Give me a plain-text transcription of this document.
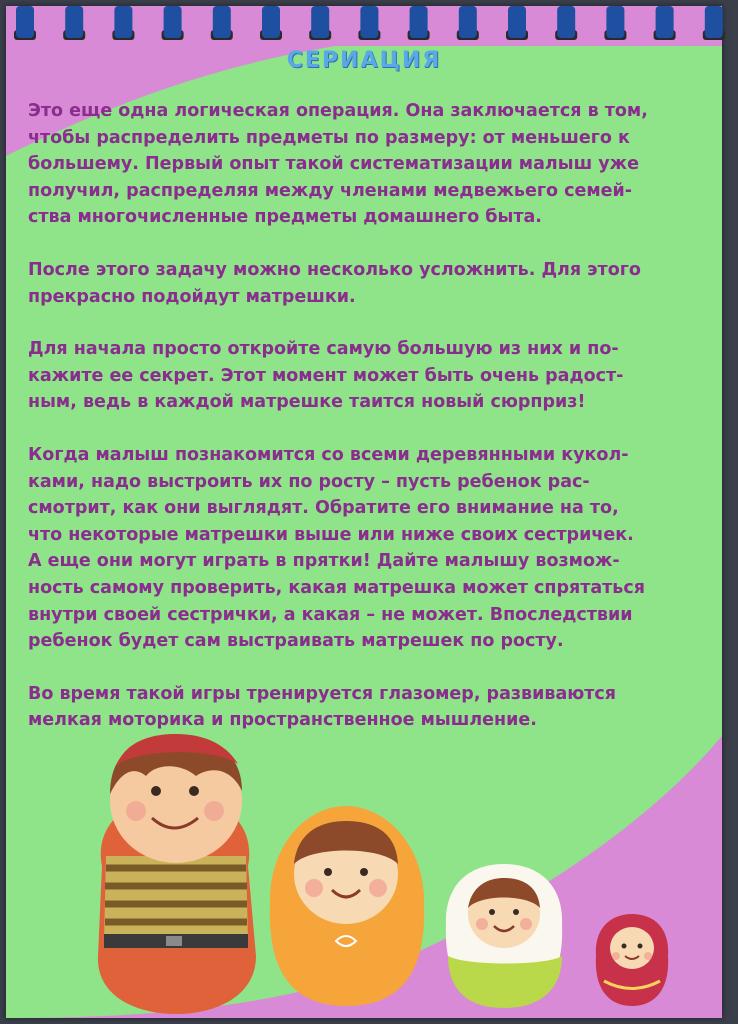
СЕРИАЦИЯ

Это еще одна логическая операция. Она заключается в том,
чтобы распределить предметы по размеру: от меньшего к
большему. Первый опыт такой систематизации малыш уже
получил, распределяя между членами медвежьего семей-
ства многочисленные предметы домашнего быта.

После этого задачу можно несколько усложнить. Для этого
прекрасно подойдут матрешки.

Для начала просто откройте самую большую из них и по-
кажите ее секрет. Этот момент может быть очень радост-
ным, ведь в каждой матрешке таится новый сюрприз!

Когда малыш познакомится со всеми деревянными кукол-
ками, надо выстроить их по росту – пусть ребенок рас-
смотрит, как они выглядят. Обратите его внимание на то,
что некоторые матрешки выше или ниже своих сестричек.
А еще они могут играть в прятки! Дайте малышу возмож-
ность самому проверить, какая матрешка может спрятаться
внутри своей сестрички, а какая – не может. Впоследствии
ребенок будет сам выстраивать матрешек по росту.

Во время такой игры тренируется глазомер, развиваются
мелкая моторика и пространственное мышление.
